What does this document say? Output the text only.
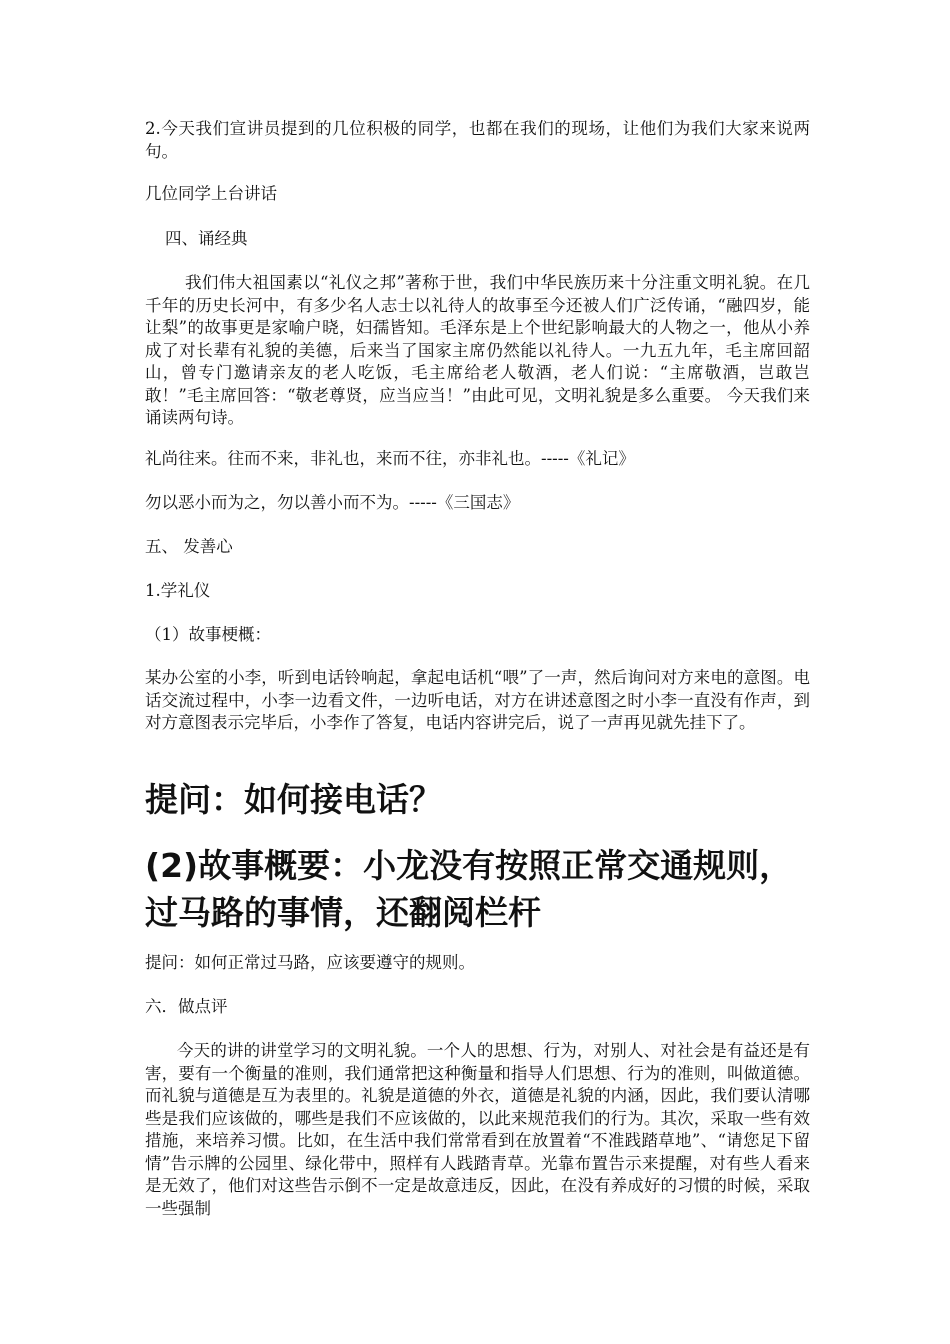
2.今天我们宣讲员提到的几位积极的同学，也都在我们的现场，让他们为我们大家来说两句。

几位同学上台讲话

四、诵经典

我们伟大祖国素以“礼仪之邦”著称于世，我们中华民族历来十分注重文明礼貌。在几千年的历史长河中，有多少名人志士以礼待人的故事至今还被人们广泛传诵，“融四岁，能让梨”的故事更是家喻户晓，妇孺皆知。毛泽东是上个世纪影响最大的人物之一，他从小养成了对长辈有礼貌的美德，后来当了国家主席仍然能以礼待人。一九五九年，毛主席回韶山，曾专门邀请亲友的老人吃饭，毛主席给老人敬酒，老人们说：“主席敬酒，岂敢岂敢！”毛主席回答：“敬老尊贤，应当应当！”由此可见，文明礼貌是多么重要。 今天我们来诵读两句诗。

礼尚往来。往而不来，非礼也，来而不往，亦非礼也。-----《礼记》

勿以恶小而为之，勿以善小而不为。-----《三国志》

五、 发善心

1.学礼仪

（1）故事梗概：

某办公室的小李，听到电话铃响起，拿起电话机“喂”了一声，然后询问对方来电的意图。电话交流过程中，小李一边看文件，一边听电话，对方在讲述意图之时小李一直没有作声，到对方意图表示完毕后，小李作了答复，电话内容讲完后，说了一声再见就先挂下了。

提问：如何接电话？
(2)故事概要：小龙没有按照正常交通规则，过马路的事情，还翻阅栏杆

提问：如何正常过马路，应该要遵守的规则。

六．做点评

今天的讲的讲堂学习的文明礼貌。一个人的思想、行为，对别人、对社会是有益还是有害，要有一个衡量的准则，我们通常把这种衡量和指导人们思想、行为的准则，叫做道德。而礼貌与道德是互为表里的。礼貌是道德的外衣，道德是礼貌的内涵，因此，我们要认清哪些是我们应该做的，哪些是我们不应该做的，以此来规范我们的行为。其次，采取一些有效措施，来培养习惯。比如，在生活中我们常常看到在放置着“不准践踏草地”、“请您足下留情”告示牌的公园里、绿化带中，照样有人践踏青草。光靠布置告示来提醒，对有些人看来是无效了，他们对这些告示倒不一定是故意违反，因此，在没有养成好的习惯的时候，采取一些强制
